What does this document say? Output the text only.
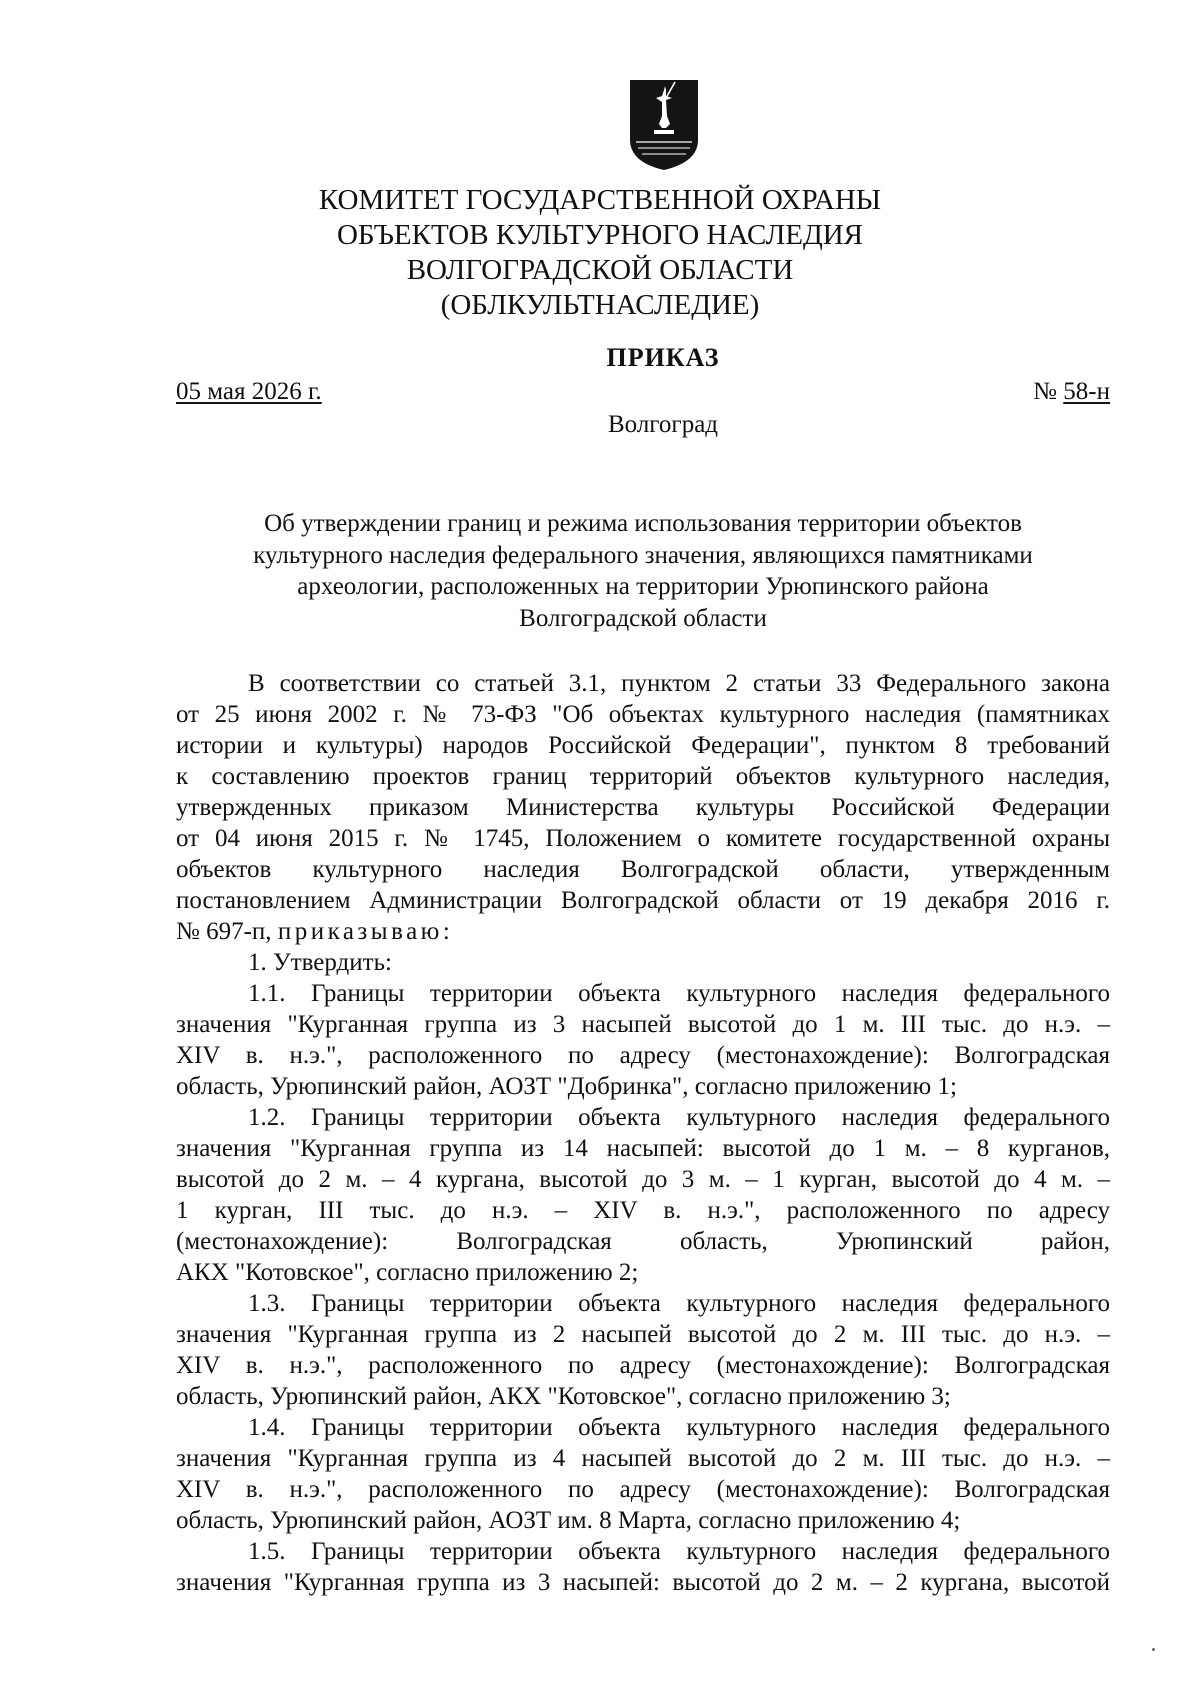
КОМИТЕТ ГОСУДАРСТВЕННОЙ ОХРАНЫ
ОБЪЕКТОВ КУЛЬТУРНОГО НАСЛЕДИЯ
ВОЛГОГРАДСКОЙ ОБЛАСТИ
(ОБЛКУЛЬТНАСЛЕДИЕ)
ПРИКАЗ
05 мая 2026 г.	№ 58-н
Волгоград
Об утверждении границ и режима использования территории объектов
культурного наследия федерального значения, являющихся памятниками
археологии, расположенных на территории Урюпинского района
Волгоградской области
В соответствии со статьей 3.1, пунктом 2 статьи 33 Федерального закона
от 25 июня 2002 г. № 73-ФЗ "Об объектах культурного наследия (памятниках
истории и культуры) народов Российской Федерации", пунктом 8 требований
к составлению проектов границ территорий объектов культурного наследия,
утвержденных приказом Министерства культуры Российской Федерации
от 04 июня 2015 г. № 1745, Положением о комитете государственной охраны
объектов культурного наследия Волгоградской области, утвержденным
постановлением Администрации Волгоградской области от 19 декабря 2016 г.
№ 697-п, приказываю:
1. Утвердить:
1.1. Границы территории объекта культурного наследия федерального
значения "Курганная группа из 3 насыпей высотой до 1 м. III тыс. до н.э. –
XIV в. н.э.", расположенного по адресу (местонахождение): Волгоградская
область, Урюпинский район, АОЗТ "Добринка", согласно приложению 1;
1.2. Границы территории объекта культурного наследия федерального
значения "Курганная группа из 14 насыпей: высотой до 1 м. – 8 курганов,
высотой до 2 м. – 4 кургана, высотой до 3 м. – 1 курган, высотой до 4 м. –
1 курган, III тыс. до н.э. – XIV в. н.э.", расположенного по адресу
(местонахождение): Волгоградская область, Урюпинский район,
АКХ "Котовское", согласно приложению 2;
1.3. Границы территории объекта культурного наследия федерального
значения "Курганная группа из 2 насыпей высотой до 2 м. III тыс. до н.э. –
XIV в. н.э.", расположенного по адресу (местонахождение): Волгоградская
область, Урюпинский район, АКХ "Котовское", согласно приложению 3;
1.4. Границы территории объекта культурного наследия федерального
значения "Курганная группа из 4 насыпей высотой до 2 м. III тыс. до н.э. –
XIV в. н.э.", расположенного по адресу (местонахождение): Волгоградская
область, Урюпинский район, АОЗТ им. 8 Марта, согласно приложению 4;
1.5. Границы территории объекта культурного наследия федерального
значения "Курганная группа из 3 насыпей: высотой до 2 м. – 2 кургана, высотой
